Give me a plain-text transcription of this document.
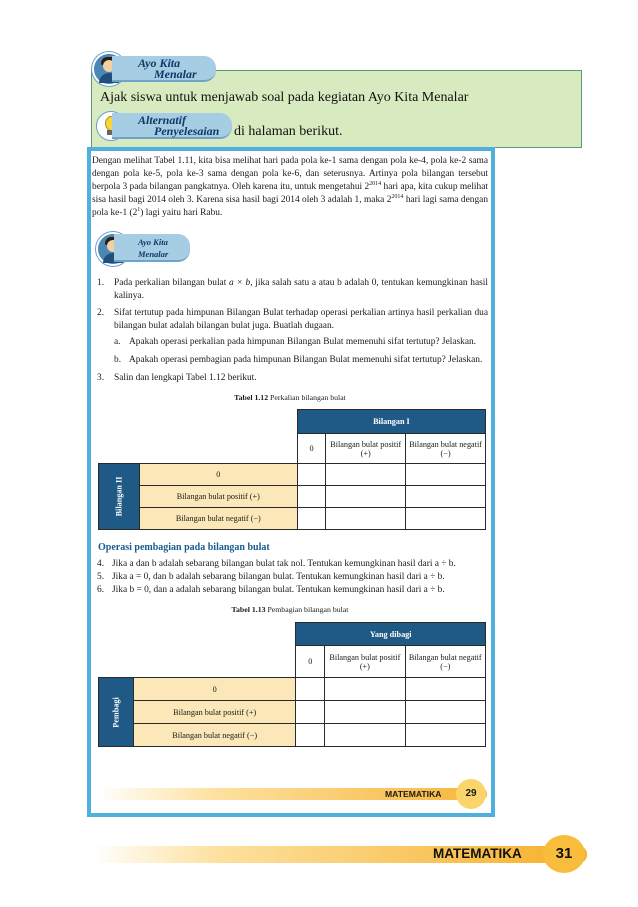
Ayo Kita
Menalar
Ajak siswa untuk menjawab soal pada kegiatan Ayo Kita Menalar
Alternatif
Penyelesaian	di halaman berikut.
Dengan melihat Tabel 1.11, kita bisa melihat hari pada pola ke-1 sama dengan pola ke-4, pola ke-2 sama dengan pola ke-5, pola ke-3 sama dengan pola ke-6, dan seterusnya. Artinya pola bilangan tersebut berpola 3 pada bilangan pangkatnya. Oleh karena itu, untuk mengetahui $2^{2014}$ hari apa, kita cukup melihat sisa hasil bagi 2014 oleh 3. Karena sisa hasil bagi 2014 oleh 3 adalah 1, maka $2^{2014}$ hari lagi sama dengan pola ke-1 $(2^1)$ lagi yaitu hari Rabu.
Ayo Kita
Menalar
1. Pada perkalian bilangan bulat a × b, jika salah satu a atau b adalah 0, tentukan kemungkinan hasil kalinya.
2. Sifat tertutup pada himpunan Bilangan Bulat terhadap operasi perkalian artinya hasil perkalian dua bilangan bulat adalah bilangan bulat juga. Buatlah dugaan.
a. Apakah operasi perkalian pada himpunan Bilangan Bulat memenuhi sifat tertutup? Jelaskan.
b. Apakah operasi pembagian pada himpunan Bilangan Bulat memenuhi sifat tertutup? Jelaskan.
3. Salin dan lengkapi Tabel 1.12 berikut.
Tabel 1.12 Perkalian bilangan bulat
		Bilangan I		
		0	Bilangan bulat positif (+)	Bilangan bulat negatif (−)
Bilangan II	0			
	Bilangan bulat positif (+)			
	Bilangan bulat negatif (−)			
Operasi pembagian pada bilangan bulat
4. Jika a dan b adalah sebarang bilangan bulat tak nol. Tentukan kemungkinan hasil dari a ÷ b.
5. Jika a = 0, dan b adalah sebarang bilangan bulat. Tentukan kemungkinan hasil dari a ÷ b.
6. Jika b = 0, dan a adalah sebarang bilangan bulat. Tentukan kemungkinan hasil dari a ÷ b.
Tabel 1.13 Pembagian bilangan bulat
		Yang dibagi		
		0	Bilangan bulat positif (+)	Bilangan bulat negatif (−)
Pembagi	0			
	Bilangan bulat positif (+)			
	Bilangan bulat negatif (−)			
MATEMATIKA	29
MATEMATIKA	31
